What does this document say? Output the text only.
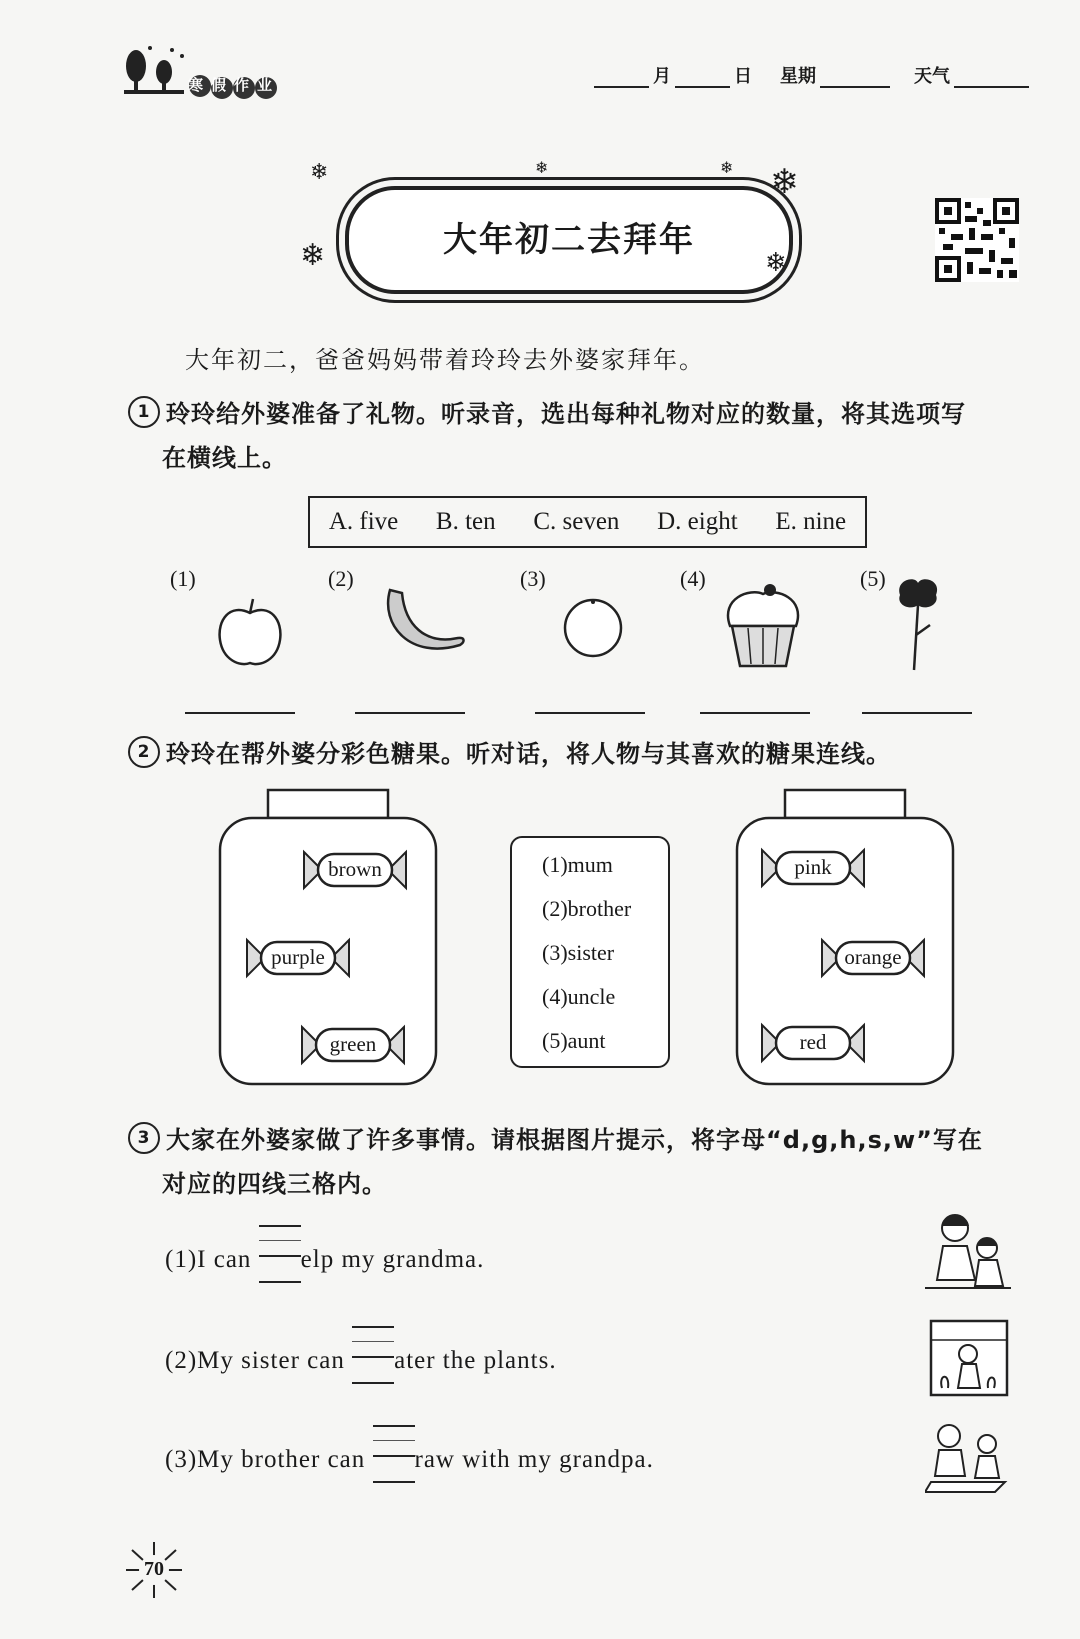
寒假作业	月	日 星期	天气
大年初二去拜年
❄
❄
❄
❄
❄	❄
大年初二，爸爸妈妈带着玲玲去外婆家拜年。
1 玲玲给外婆准备了礼物。听录音，选出每种礼物对应的数量，将其选项写
在横线上。
A. five B. ten C. seven D. eight E. nine
(1)	(2)	(3)	(4)	(5)
2 玲玲在帮外婆分彩色糖果。听对话，将人物与其喜欢的糖果连线。
brown
purple
green
pink
orange
red
(1)mum
(2)brother
(3)sister
(4)uncle
(5)aunt
3 大家在外婆家做了许多事情。请根据图片提示，将字母“d,g,h,s,w”写在
对应的四线三格内。
(1)I can
elp my grandma.
(2)My sister can
ater the plants.
(3)My brother can
raw with my grandpa.
70
